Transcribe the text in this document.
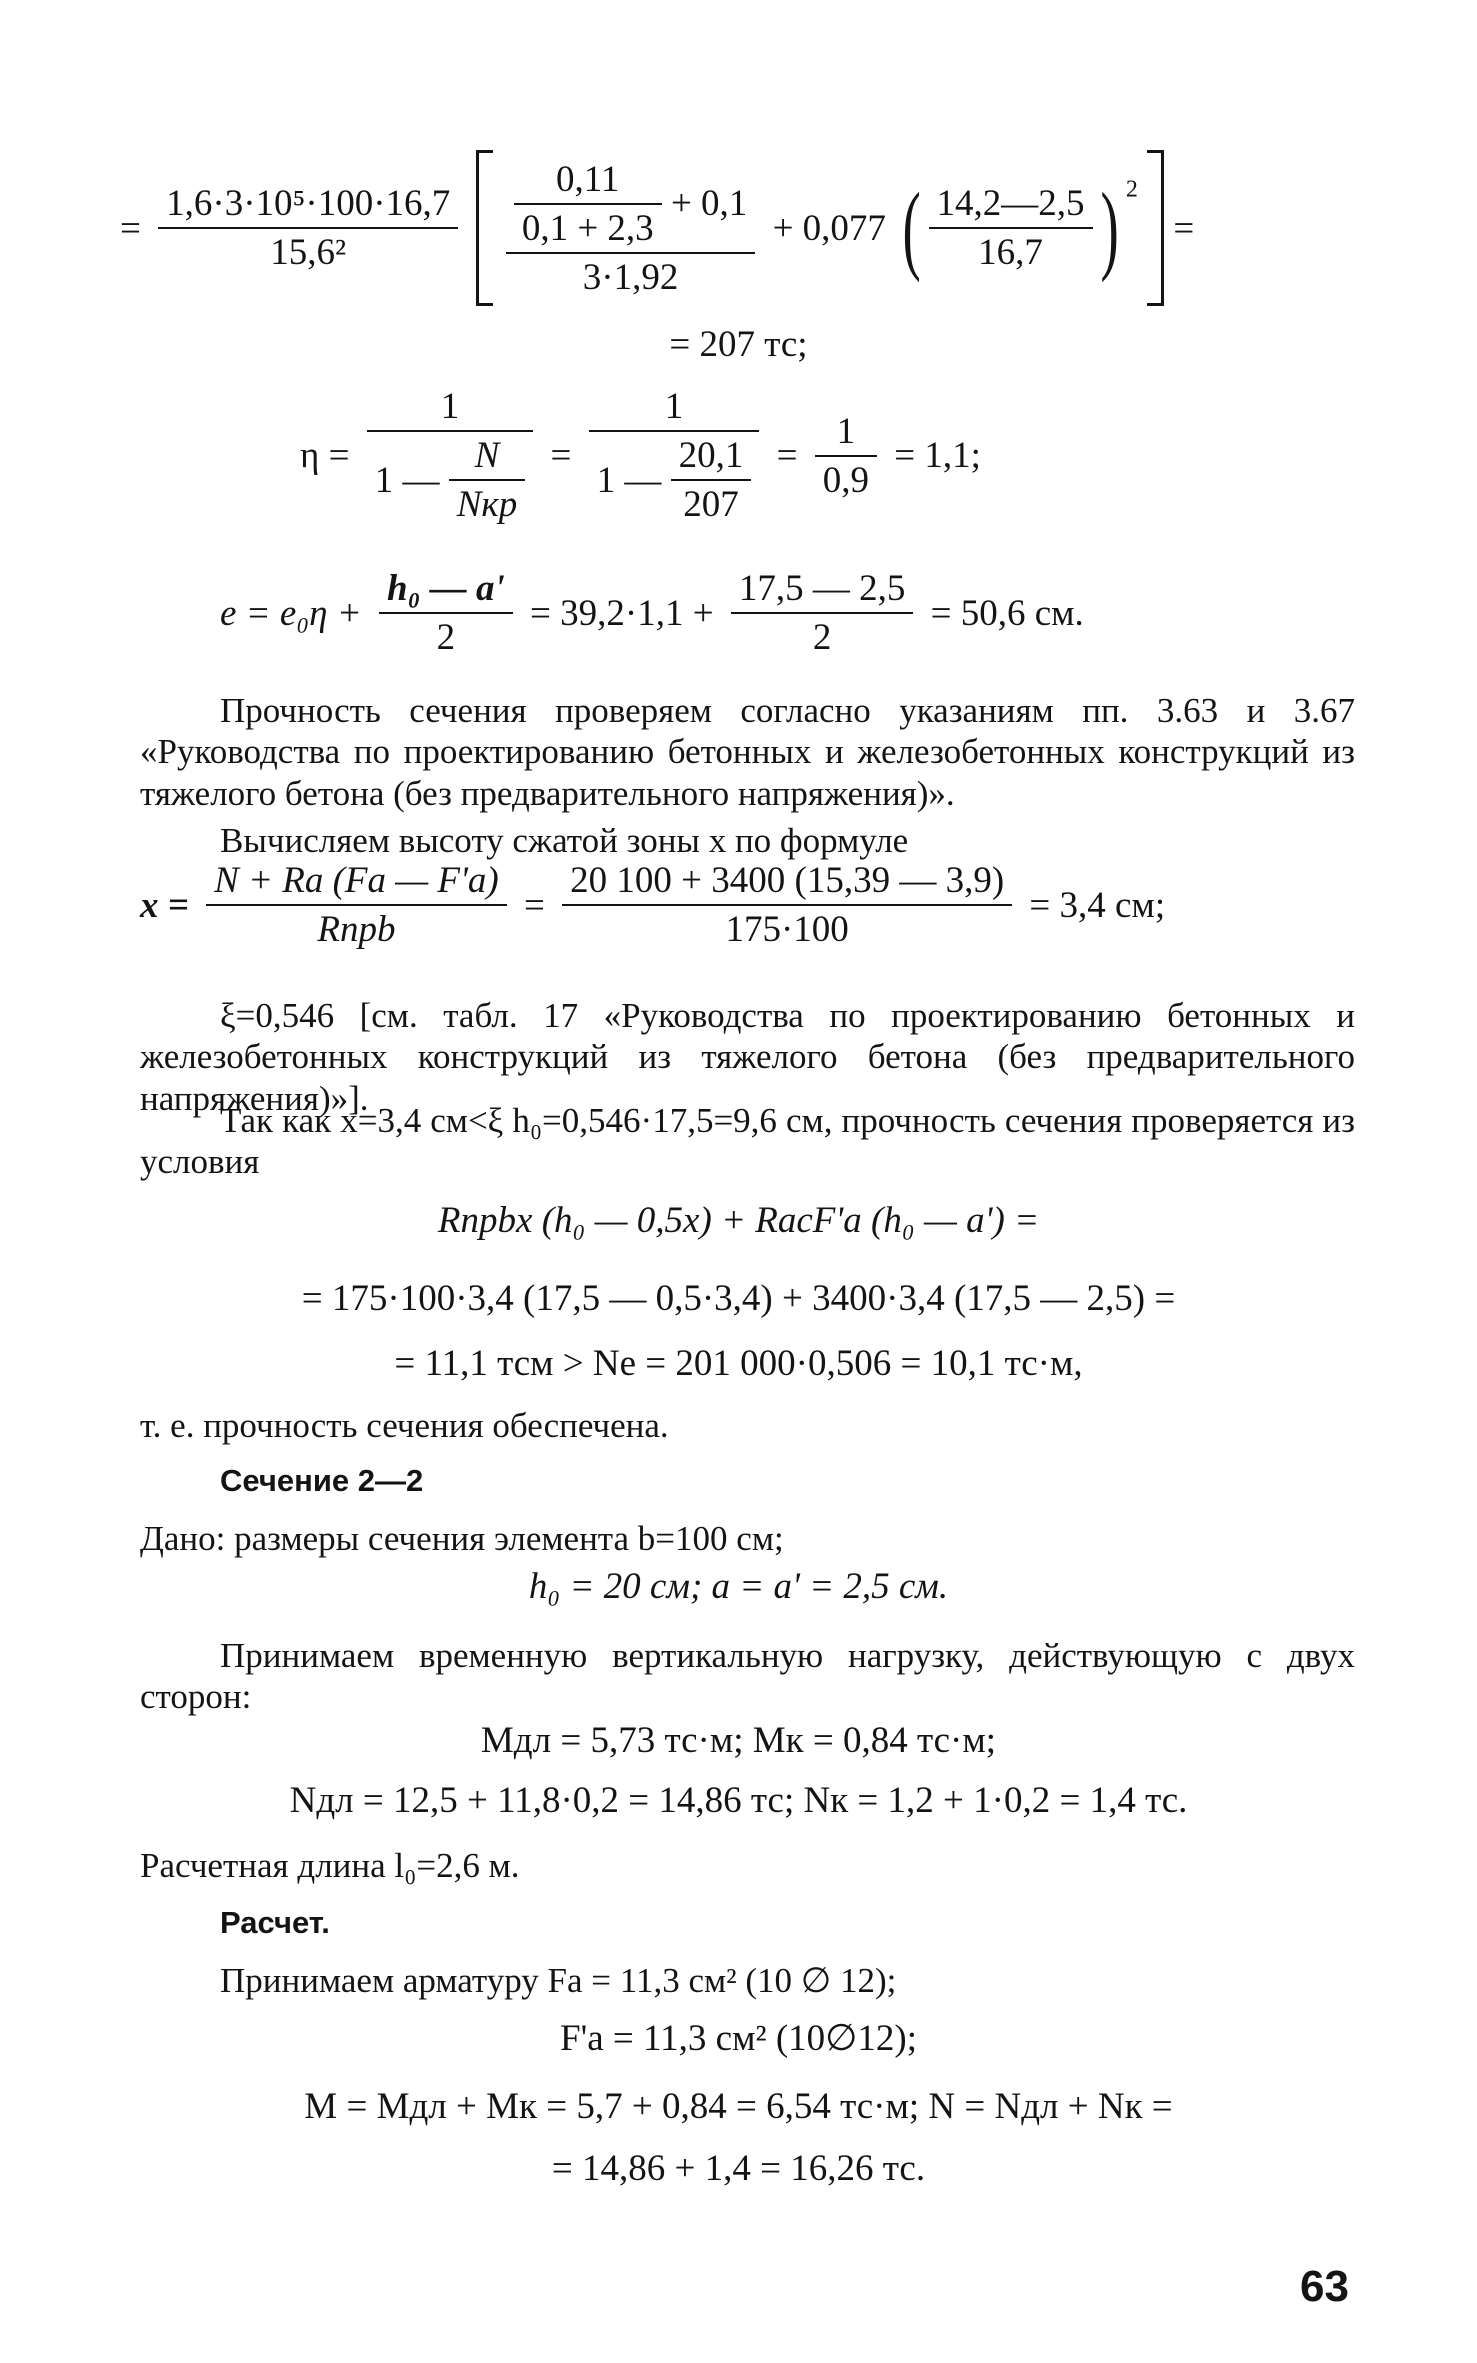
= $\frac{\text{1,6·3·10⁵·100·16,7}}{\text{15,6²}}$
$\frac{\frac{0,11}{0,1 + 2,3} + 0,1}{3\cdot 1,92} + 0,077$ ( $\frac{14,2—2,5}{16,7}$ ) $^2$  =
= 207 тс;
$\eta = \frac{1}{1 — \frac{N}{\text{Nкр}}} = \frac{1}{1 — \frac{20,1}{207}} = \frac{1}{0,9} = 1,1$;
$e = e_0\eta + \frac{\text{h₀ — a'}}{2} = 39,2\cdot 1,1 + \frac{17,5 — 2,5}{2} = 50,6$ см.
Прочность сечения проверяем согласно указаниям пп. 3.63 и 3.67 «Руководства по проектированию бетонных и железобетонных конструкций из тяжелого бетона (без предварительного напряжения)».
Вычисляем высоту сжатой зоны x по формуле
$x = \frac{N + Rа (Fа — F'а)}{\text{Rпрb}} = \frac{20 100 + 3400 (15,39 — 3,9)}{175\cdot 100} = 3,4$ см;
ξ=0,546 [см. табл. 17 «Руководства по проектированию бетонных и железобетонных конструкций из тяжелого бетона (без предварительного напряжения)»].
Так как x=3,4 см<ξ h₀=0,546·17,5=9,6 см, прочность сечения проверяется из условия
Rпрbx (h₀ — 0,5x) + RасF'а (h₀ — a') =
= 175·100·3,4 (17,5 — 0,5·3,4) + 3400·3,4 (17,5 — 2,5) =
= 11,1 тсм > Ne = 201 000·0,506 = 10,1 тс·м,
т. е. прочность сечения обеспечена.
Сечение 2—2
Дано: размеры сечения элемента b=100 см;
h₀ = 20 см; a = a' = 2,5 см.
Принимаем временную вертикальную нагрузку, действующую с двух сторон:
Mдл = 5,73 тс·м; Mк = 0,84 тс·м;
Nдл = 12,5 + 11,8·0,2 = 14,86 тс; Nк = 1,2 + 1·0,2 = 1,4 тс.
Расчетная длина l₀=2,6 м.
Расчет.
Принимаем арматуру Fа = 11,3 см² (10 ∅ 12);
F'а = 11,3 см² (10∅12);
M = Mдл + Mк = 5,7 + 0,84 = 6,54 тс·м; N = Nдл + Nк =
= 14,86 + 1,4 = 16,26 тс.
63
